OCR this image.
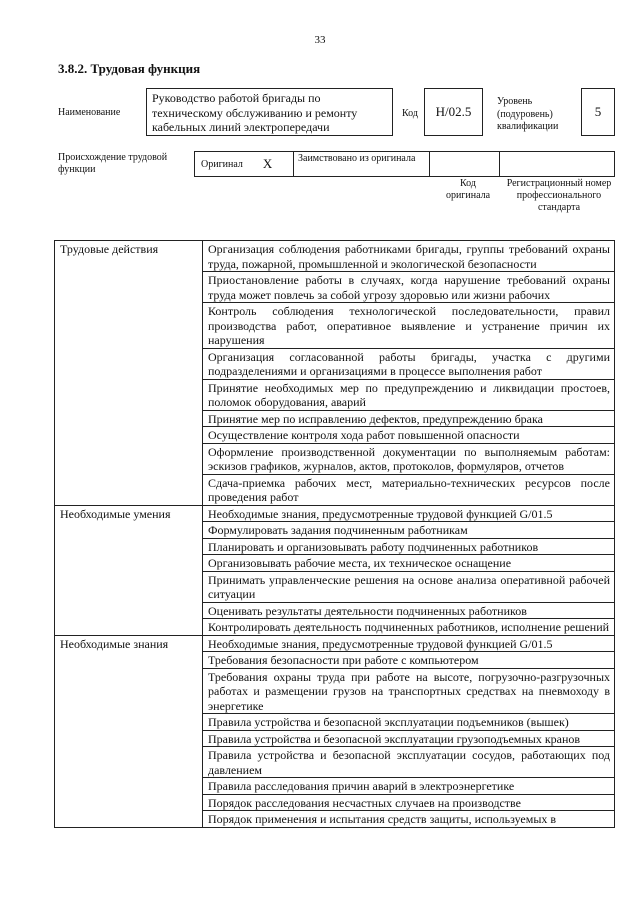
33
3.8.2. Трудовая функция
Наименование
Руководство работой бригады по техническому обслуживанию и ремонту кабельных линий электропередачи
Код	H/02.5
Уровень (подуровень) квалификации
5
Происхождение трудовой функции	Оригинал X	Заимствовано из оригинала
Код оригинала
Регистрационный номер профессионального стандарта
Трудовые действия	Организация соблюдения работниками бригады, группы требований охраны труда, пожарной, промышленной и экологической безопасности
	Приостановление работы в случаях, когда нарушение требований охраны труда может повлечь за собой угрозу здоровью или жизни рабочих
	Контроль соблюдения технологической последовательности, правил производства работ, оперативное выявление и устранение причин их нарушения
	Организация согласованной работы бригады, участка с другими подразделениями и организациями в процессе выполнения работ
	Принятие необходимых мер по предупреждению и ликвидации простоев, поломок оборудования, аварий
	Принятие мер по исправлению дефектов, предупреждению брака
	Осуществление контроля хода работ повышенной опасности
	Оформление производственной документации по выполняемым работам: эскизов графиков, журналов, актов, протоколов, формуляров, отчетов
	Сдача-приемка рабочих мест, материально-технических ресурсов после проведения работ
Необходимые умения	Необходимые знания, предусмотренные трудовой функцией G/01.5
	Формулировать задания подчиненным работникам
	Планировать и организовывать работу подчиненных работников
	Организовывать рабочие места, их техническое оснащение
	Принимать управленческие решения на основе анализа оперативной рабочей ситуации
	Оценивать результаты деятельности подчиненных работников
	Контролировать деятельность подчиненных работников, исполнение решений
Необходимые знания	Необходимые знания, предусмотренные трудовой функцией G/01.5
	Требования безопасности при работе с компьютером
	Требования охраны труда при работе на высоте, погрузочно-разгрузочных работах и размещении грузов на транспортных средствах на пневмоходу в энергетике
	Правила устройства и безопасной эксплуатации подъемников (вышек)
	Правила устройства и безопасной эксплуатации грузоподъемных кранов
	Правила устройства и безопасной эксплуатации сосудов, работающих под давлением
	Правила расследования причин аварий в электроэнергетике
	Порядок расследования несчастных случаев на производстве
	Порядок применения и испытания средств защиты, используемых в
